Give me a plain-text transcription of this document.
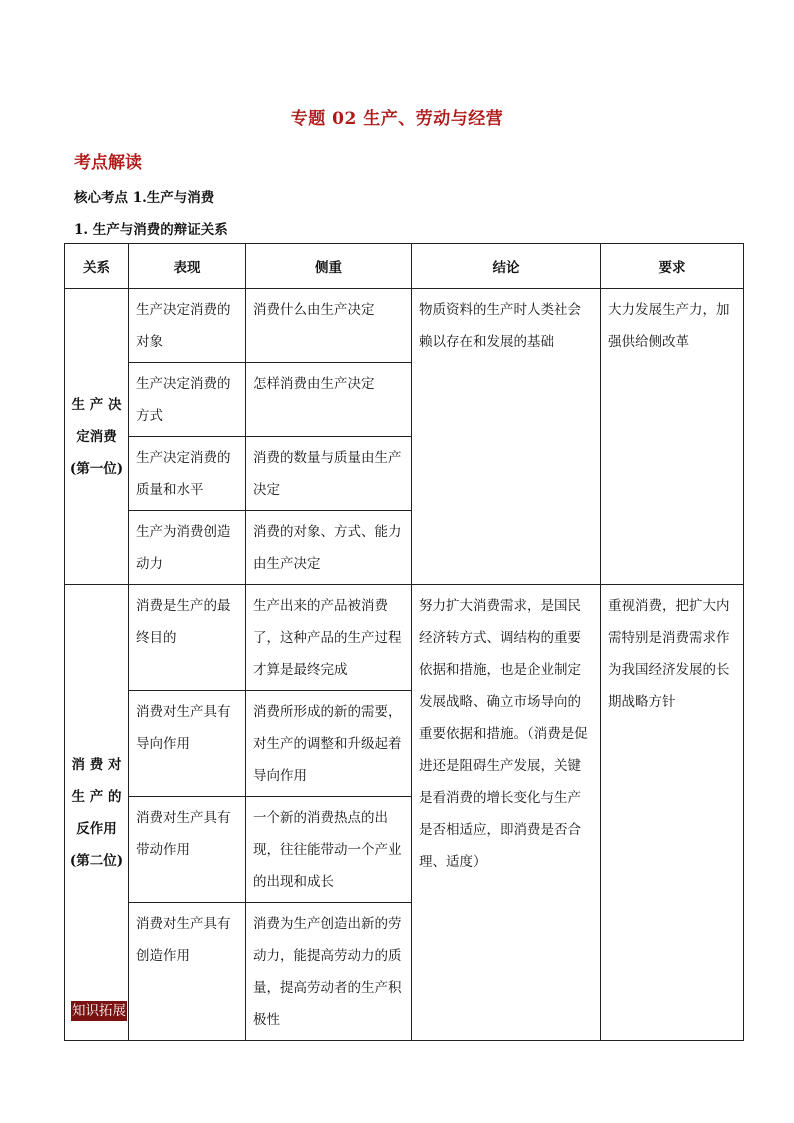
专题 02 生产、劳动与经营
考点解读
核心考点 1.生产与消费
1. 生产与消费的辩证关系
关系	表现	侧重	结论	要求
生 产 决定消费(第一位)	生产决定消费的对象	消费什么由生产决定	物质资料的生产时人类社会赖以存在和发展的基础	大力发展生产力，加强供给侧改革
	生产决定消费的方式	怎样消费由生产决定		
	生产决定消费的质量和水平	消费的数量与质量由生产决定		
	生产为消费创造动力	消费的对象、方式、能力由生产决定		
消 费 对生 产 的反作用(第二位)	消费是生产的最终目的	生产出来的产品被消费了，这种产品的生产过程才算是最终完成	努力扩大消费需求，是国民经济转方式、调结构的重要依据和措施，也是企业制定发展战略、确立市场导向的重要依据和措施。（消费是促进还是阻碍生产发展，关键是看消费的增长变化与生产是否相适应，即消费是否合理、适度）	重视消费，把扩大内需特别是消费需求作为我国经济发展的长期战略方针
	消费对生产具有导向作用	消费所形成的新的需要，对生产的调整和升级起着导向作用		
	消费对生产具有带动作用	一个新的消费热点的出现，往往能带动一个产业的出现和成长		
	消费对生产具有创造作用	消费为生产创造出新的劳动力，能提高劳动力的质量，提高劳动者的生产积极性		
知识拓展
